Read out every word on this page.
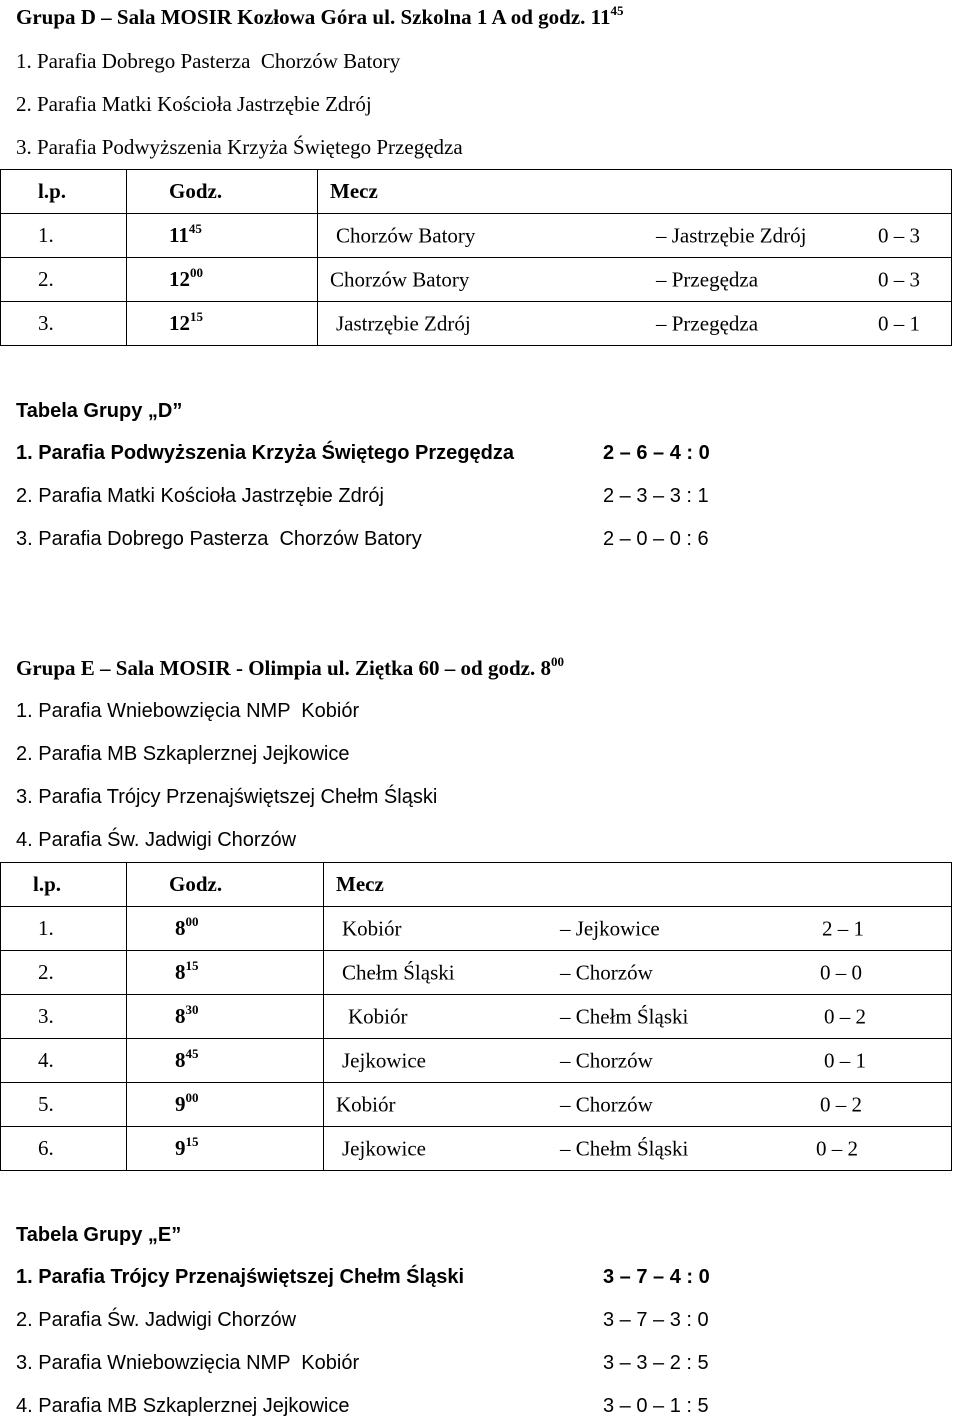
Grupa D – Sala MOSIR Kozłowa Góra ul. Szkolna 1 A od godz. $11^{45}$
1. Parafia Dobrego Pasterza  Chorzów Batory
2. Parafia Matki Kościoła Jastrzębie Zdrój
3. Parafia Podwyższenia Krzyża Świętego Przegędza
l.p.	Godz.	Mecz
1.	$11^{45}$	Chorzów Batory – Jastrzębie Zdrój 0 – 3

2.	$12^{00}$	Chorzów Batory – Przegędza 0 – 3

3.	$12^{15}$	Jastrzębie Zdrój – Przegędza 0 – 1
Tabela Grupy „D”
1. Parafia Podwyższenia Krzyża Świętego Przegędza	2 – 6 – 4 : 0
2. Parafia Matki Kościoła Jastrzębie Zdrój	2 – 3 – 3 : 1
3. Parafia Dobrego Pasterza  Chorzów Batory	2 – 0 – 0 : 6
Grupa E – Sala MOSIR - Olimpia ul. Ziętka 60 – od godz. $8^{00}$
1. Parafia Wniebowzięcia NMP  Kobiór
2. Parafia MB Szkaplerznej Jejkowice
3. Parafia Trójcy Przenajświętszej Chełm Śląski
4. Parafia Św. Jadwigi Chorzów
l.p.	Godz.	Mecz
1.	$8^{00}$	Kobiór – Jejkowice 2 – 1

2.	$8^{15}$	Chełm Śląski – Chorzów 0 – 0

3.	$8^{30}$	Kobiór – Chełm Śląski 0 – 2

4.	$8^{45}$	Jejkowice – Chorzów 0 – 1

5.	$9^{00}$	Kobiór – Chorzów 0 – 2

6.	$9^{15}$	Jejkowice – Chełm Śląski 0 – 2
Tabela Grupy „E”
1. Parafia Trójcy Przenajświętszej Chełm Śląski	3 – 7 – 4 : 0
2. Parafia Św. Jadwigi Chorzów	3 – 7 – 3 : 0
3. Parafia Wniebowzięcia NMP  Kobiór	3 – 3 – 2 : 5
4. Parafia MB Szkaplerznej Jejkowice	3 – 0 – 1 : 5
